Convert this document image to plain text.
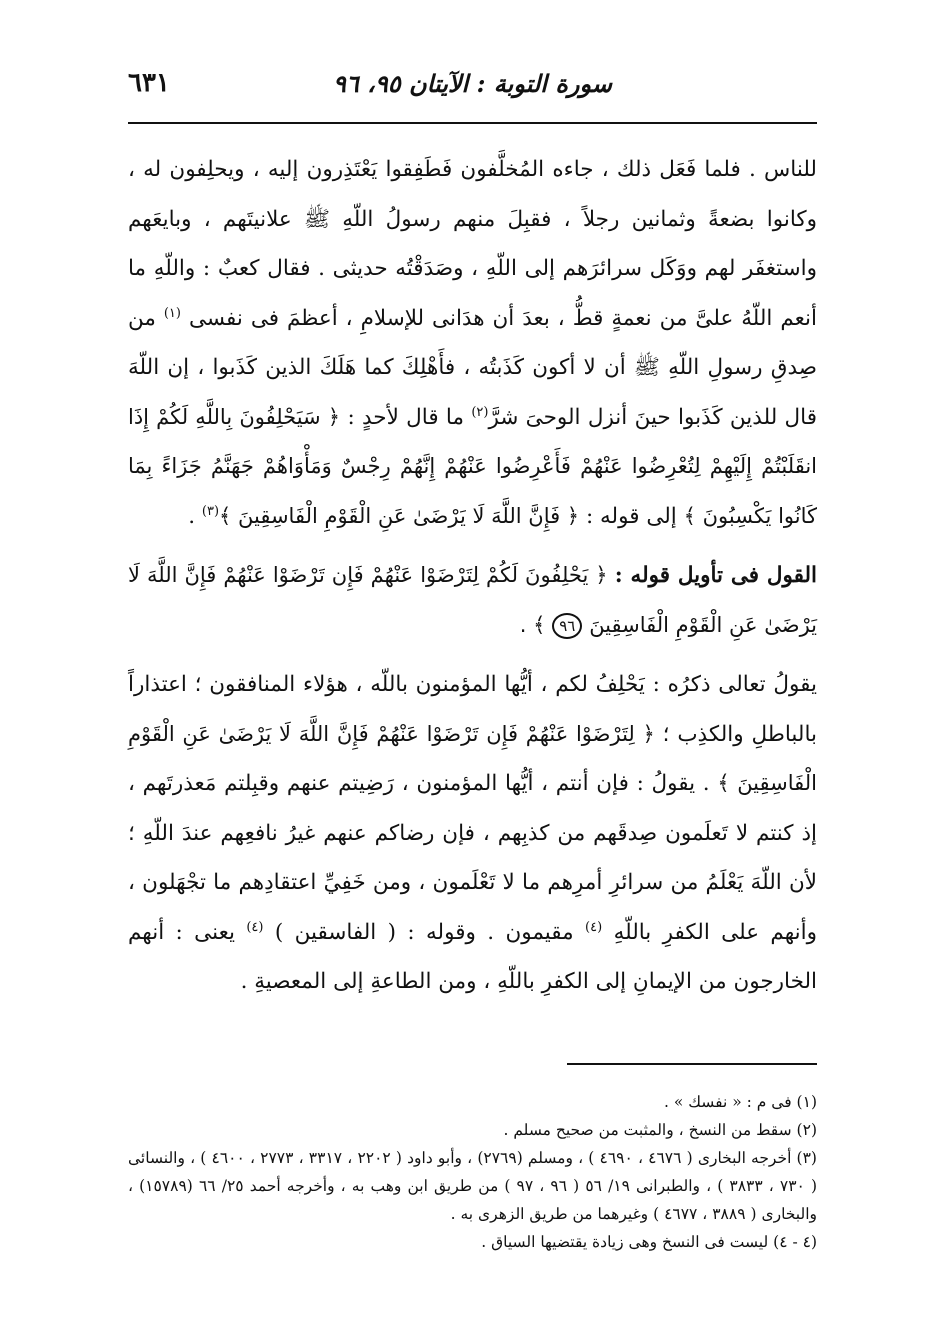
سورة التوبة : الآيتان ٩٥، ٩٦
٦٣١

للناس . فلما فَعَل ذلك ، جاءه المُخلَّفون فَطَفِقوا يَعْتَذِرون إليه ، ويحلِفون له ، وكانوا بضعةً وثمانين رجلاً ، فقبِلَ منهم رسولُ اللّهِ ﷺ علانيتَهم ، وبايعَهم واستغفَر لهم ووَكَل سرائرَهم إلى اللّهِ ، وصَدَقْتُه حديثى . فقال كعبٌ : واللّهِ ما أنعم اللّهُ علىَّ من نعمةٍ قطُّ ، بعدَ أن هدَانى للإسلامِ ، أعظمَ فى نفسى $^{(١)}$ من صِدقِ رسولِ اللّهِ ﷺ أن لا أكون كَذَبتُه ، فأَهْلِكَ كما هَلَكَ الذين كَذَبوا ، إن اللّهَ قال للذين كَذَبوا حينَ أنزل الوحىَ شرَّ$^{(٢)}$ ما قال لأحدٍ : ﴿ سَيَحْلِفُونَ بِاللَّهِ لَكُمْ إِذَا انقَلَبْتُمْ إِلَيْهِمْ لِتُعْرِضُوا عَنْهُمْ فَأَعْرِضُوا عَنْهُمْ إِنَّهُمْ رِجْسٌ وَمَأْوَاهُمْ جَهَنَّمُ جَزَاءً بِمَا كَانُوا يَكْسِبُونَ ﴾ إلى قوله : ﴿ فَإِنَّ اللَّهَ لَا يَرْضَىٰ عَنِ الْقَوْمِ الْفَاسِقِينَ ﴾$^{(٣)}$ .

القول فى تأويل قوله : ﴿ يَحْلِفُونَ لَكُمْ لِتَرْضَوْا عَنْهُمْ فَإِن تَرْضَوْا عَنْهُمْ فَإِنَّ اللَّهَ لَا يَرْضَىٰ عَنِ الْقَوْمِ الْفَاسِقِينَ ٩٦ ﴾ .

يقولُ تعالى ذكرُه : يَحْلِفُ لكم ، أيُّها المؤمنون باللّه ، هؤلاء المنافقون ؛ اعتذاراً بالباطلِ والكذِب ؛ ﴿ لِتَرْضَوْا عَنْهُمْ فَإِن تَرْضَوْا عَنْهُمْ فَإِنَّ اللَّهَ لَا يَرْضَىٰ عَنِ الْقَوْمِ الْفَاسِقِينَ ﴾ . يقولُ : فإن أنتم ، أيُّها المؤمنون ، رَضِيتم عنهم وقبِلتم مَعذرتَهم ، إذ كنتم لا تَعلَمون صِدقَهم من كذبِهم ، فإن رضاكم عنهم غيرُ نافعِهم عندَ اللّهِ ؛ لأن اللّهَ يَعْلَمُ من سرائرِ أمرِهم ما لا تَعْلَمون ، ومن خَفِيِّ اعتقادِهم ما تجْهَلون ، وأنهم على الكفرِ باللّهِ $^{(٤)}$ مقيمون . وقوله : ( الفاسقين ) $^{(٤)}$ يعنى : أنهم الخارجون من الإيمانِ إلى الكفرِ باللّهِ ، ومن الطاعةِ إلى المعصيةِ .

(١) فى م : « نفسك » .

(٢) سقط من النسخ ، والمثبت من صحيح مسلم .

(٣) أخرجه البخارى ( ٤٦٧٦ ، ٤٦٩٠ ) ، ومسلم (٢٧٦٩) ، وأبو داود ( ٢٢٠٢ ، ٣٣١٧ ، ٢٧٧٣ ، ٤٦٠٠ ) ، والنسائى ( ٧٣٠ ، ٣٨٣٣ ) ، والطبرانى ١٩/ ٥٦ ( ٩٦ ، ٩٧ ) من طريق ابن وهب به ، وأخرجه أحمد ٢٥/ ٦٦ (١٥٧٨٩) ، والبخارى ( ٣٨٨٩ ، ٤٦٧٧ ) وغيرهما من طريق الزهرى به .

(٤ - ٤) ليست فى النسخ وهى زيادة يقتضيها السياق .
